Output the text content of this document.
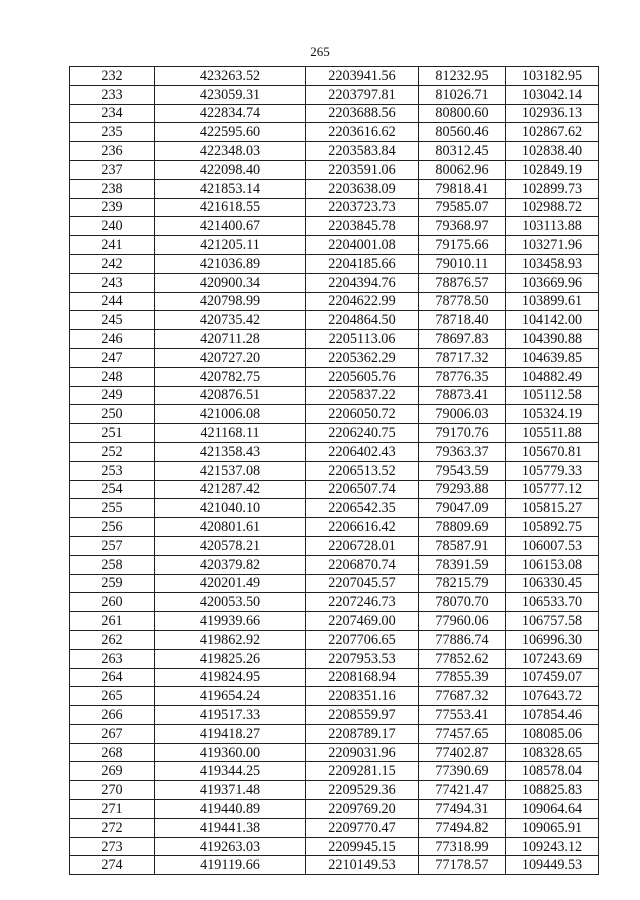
265
232	423263.52	2203941.56	81232.95	103182.95
233	423059.31	2203797.81	81026.71	103042.14
234	422834.74	2203688.56	80800.60	102936.13
235	422595.60	2203616.62	80560.46	102867.62
236	422348.03	2203583.84	80312.45	102838.40
237	422098.40	2203591.06	80062.96	102849.19
238	421853.14	2203638.09	79818.41	102899.73
239	421618.55	2203723.73	79585.07	102988.72
240	421400.67	2203845.78	79368.97	103113.88
241	421205.11	2204001.08	79175.66	103271.96
242	421036.89	2204185.66	79010.11	103458.93
243	420900.34	2204394.76	78876.57	103669.96
244	420798.99	2204622.99	78778.50	103899.61
245	420735.42	2204864.50	78718.40	104142.00
246	420711.28	2205113.06	78697.83	104390.88
247	420727.20	2205362.29	78717.32	104639.85
248	420782.75	2205605.76	78776.35	104882.49
249	420876.51	2205837.22	78873.41	105112.58
250	421006.08	2206050.72	79006.03	105324.19
251	421168.11	2206240.75	79170.76	105511.88
252	421358.43	2206402.43	79363.37	105670.81
253	421537.08	2206513.52	79543.59	105779.33
254	421287.42	2206507.74	79293.88	105777.12
255	421040.10	2206542.35	79047.09	105815.27
256	420801.61	2206616.42	78809.69	105892.75
257	420578.21	2206728.01	78587.91	106007.53
258	420379.82	2206870.74	78391.59	106153.08
259	420201.49	2207045.57	78215.79	106330.45
260	420053.50	2207246.73	78070.70	106533.70
261	419939.66	2207469.00	77960.06	106757.58
262	419862.92	2207706.65	77886.74	106996.30
263	419825.26	2207953.53	77852.62	107243.69
264	419824.95	2208168.94	77855.39	107459.07
265	419654.24	2208351.16	77687.32	107643.72
266	419517.33	2208559.97	77553.41	107854.46
267	419418.27	2208789.17	77457.65	108085.06
268	419360.00	2209031.96	77402.87	108328.65
269	419344.25	2209281.15	77390.69	108578.04
270	419371.48	2209529.36	77421.47	108825.83
271	419440.89	2209769.20	77494.31	109064.64
272	419441.38	2209770.47	77494.82	109065.91
273	419263.03	2209945.15	77318.99	109243.12
274	419119.66	2210149.53	77178.57	109449.53
